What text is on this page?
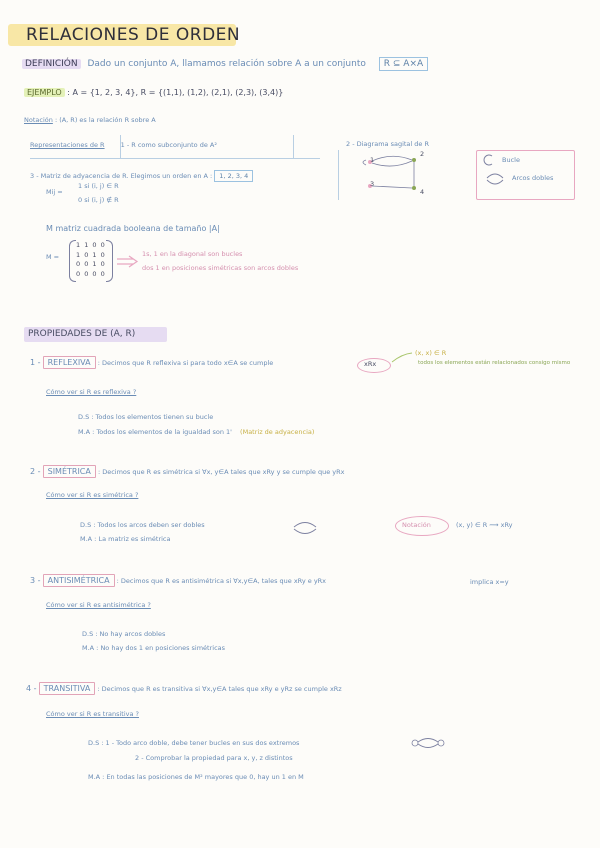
RELACIONES DE ORDEN
DEFINICIÓN Dado un conjunto A, llamamos relación sobre A a un conjunto R ⊆ A×A
EJEMPLO : A = {1, 2, 3, 4}, R = {(1,1), (1,2), (2,1), (2,3), (3,4)}
Notación : (A, R) es la relación R sobre A
Representaciones de R 1 - R como subconjunto de A²	2 - Diagrama sagital de R
1
2
3
4
Bucle
Arcos dobles
3 - Matriz de adyacencia de R. Elegimos un orden en A : 1, 2, 3, 4
Mij =
1 si (i, j) ∈ R
0 si (i, j) ∉ R
M matriz cuadrada booleana de tamaño |A|
M =
1 1 0 0
1 0 1 0
0 0 1 0
0 0 0 0
1s, 1 en la diagonal son bucles
dos 1 en posiciones simétricas son arcos dobles
PROPIEDADES DE (A, R)
1 - REFLEXIVA : Decimos que R reflexiva si para todo x∈A se cumple	xRx
(x, x) ∈ R
todos los elementos están relacionados consigo mismo
Cómo ver si R es reflexiva ?
D.S : Todos los elementos tienen su bucle
M.A : Todos los elementos de la igualdad son 1' (Matriz de adyacencia)
2 - SIMÉTRICA : Decimos que R es simétrica si ∀x, y∈A tales que xRy y se cumple que yRx
Cómo ver si R es simétrica ?
D.S : Todos los arcos deben ser dobles
M.A : La matriz es simétrica
Notación	(x, y) ∈ R ⟿ xRy
3 - ANTISIMÉTRICA : Decimos que R es antisimétrica si ∀x,y∈A, tales que xRy e yRx	implica x=y
Cómo ver si R es antisimétrica ?
D.S : No hay arcos dobles
M.A : No hay dos 1 en posiciones simétricas
4 - TRANSITIVA : Decimos que R es transitiva si ∀x,y∈A tales que xRy e yRz se cumple xRz
Cómo ver si R es transitiva ?
D.S : 1 - Todo arco doble, debe tener bucles en sus dos extremos
2 - Comprobar la propiedad para x, y, z distintos
M.A : En todas las posiciones de M² mayores que 0, hay un 1 en M
